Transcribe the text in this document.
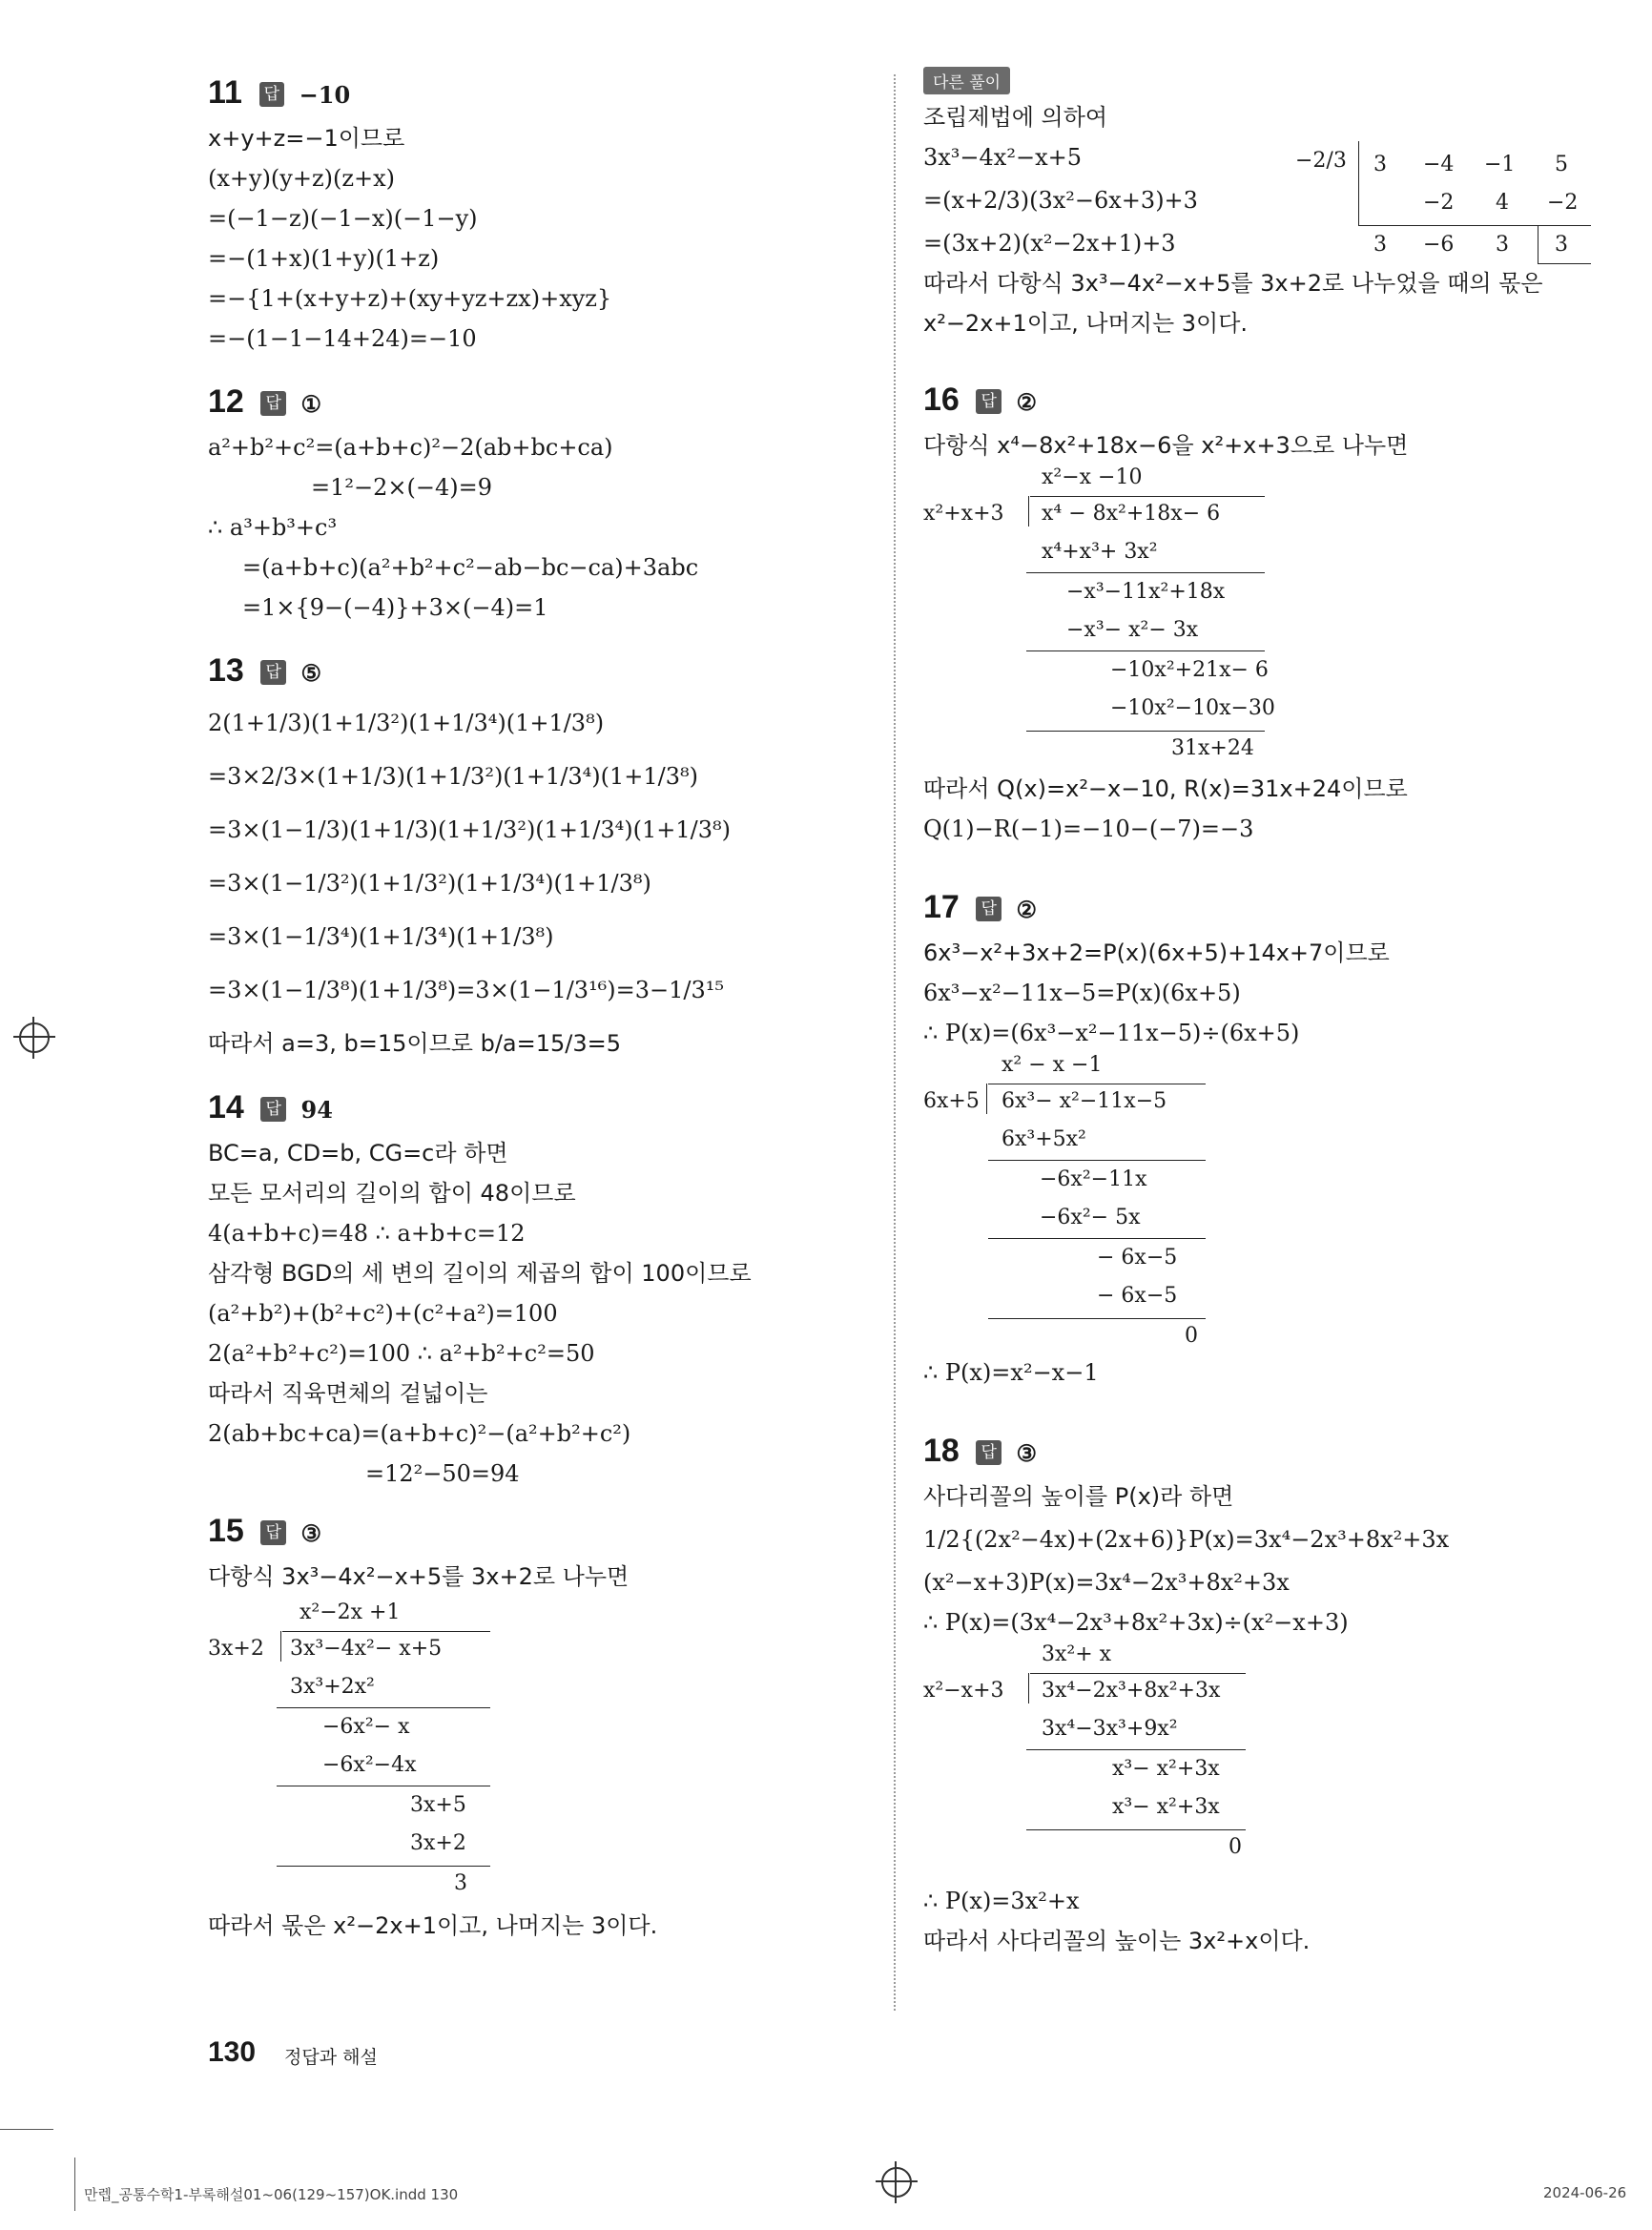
11 답 −10
x+y+z=−1이므로
(x+y)(y+z)(z+x)
=(−1−z)(−1−x)(−1−y)
=−(1+x)(1+y)(1+z)
=−{1+(x+y+z)+(xy+yz+zx)+xyz}
=−(1−1−14+24)=−10
12 답 ①
a²+b²+c²=(a+b+c)²−2(ab+bc+ca)
=1²−2×(−4)=9
∴ a³+b³+c³
=(a+b+c)(a²+b²+c²−ab−bc−ca)+3abc
=1×{9−(−4)}+3×(−4)=1
13 답 ⑤
2(1+1/3)(1+1/3²)(1+1/3⁴)(1+1/3⁸)
=3×2/3×(1+1/3)(1+1/3²)(1+1/3⁴)(1+1/3⁸)
=3×(1−1/3)(1+1/3)(1+1/3²)(1+1/3⁴)(1+1/3⁸)
=3×(1−1/3²)(1+1/3²)(1+1/3⁴)(1+1/3⁸)
=3×(1−1/3⁴)(1+1/3⁴)(1+1/3⁸)
=3×(1−1/3⁸)(1+1/3⁸)=3×(1−1/3¹⁶)=3−1/3¹⁵
따라서 a=3, b=15이므로 b/a=15/3=5
14 답 94
BC=a, CD=b, CG=c라 하면
모든 모서리의 길이의 합이 48이므로
4(a+b+c)=48 ∴ a+b+c=12
삼각형 BGD의 세 변의 길이의 제곱의 합이 100이므로
(a²+b²)+(b²+c²)+(c²+a²)=100
2(a²+b²+c²)=100 ∴ a²+b²+c²=50
따라서 직육면체의 겉넓이는
2(ab+bc+ca)=(a+b+c)²−(a²+b²+c²)
=12²−50=94
15 답 ③
다항식 3x³−4x²−x+5를 3x+2로 나누면
x²−2x +1
3x+2 3x³−4x²− x+5
3x³+2x²
−6x²− x
−6x²−4x
3x+5
3x+2
3
따라서 몫은 x²−2x+1이고, 나머지는 3이다.
다른 풀이
−2/3 3 −4 −1 5
−2 4 −2
3 −6 3 3
조립제법에 의하여
3x³−4x²−x+5
=(x+2/3)(3x²−6x+3)+3
=(3x+2)(x²−2x+1)+3
따라서 다항식 3x³−4x²−x+5를 3x+2로 나누었을 때의 몫은
x²−2x+1이고, 나머지는 3이다.
16 답 ②
다항식 x⁴−8x²+18x−6을 x²+x+3으로 나누면
x²−x −10
x²+x+3 x⁴ − 8x²+18x− 6
x⁴+x³+ 3x²
−x³−11x²+18x
−x³− x²− 3x
−10x²+21x− 6
−10x²−10x−30
31x+24
따라서 Q(x)=x²−x−10, R(x)=31x+24이므로
Q(1)−R(−1)=−10−(−7)=−3
17 답 ②
6x³−x²+3x+2=P(x)(6x+5)+14x+7이므로
6x³−x²−11x−5=P(x)(6x+5)
∴ P(x)=(6x³−x²−11x−5)÷(6x+5)
x² − x −1
6x+5 6x³− x²−11x−5
6x³+5x²
−6x²−11x
−6x²− 5x
− 6x−5
− 6x−5
0
∴ P(x)=x²−x−1
18 답 ③
사다리꼴의 높이를 P(x)라 하면
1/2{(2x²−4x)+(2x+6)}P(x)=3x⁴−2x³+8x²+3x
(x²−x+3)P(x)=3x⁴−2x³+8x²+3x
∴ P(x)=(3x⁴−2x³+8x²+3x)÷(x²−x+3)
3x²+ x
x²−x+3 3x⁴−2x³+8x²+3x
3x⁴−3x³+9x²
x³− x²+3x
x³− x²+3x
0
∴ P(x)=3x²+x
따라서 사다리꼴의 높이는 3x²+x이다.
130 정답과 해설
만렙_공통수학1-부록해설01~06(129~157)OK.indd 130	2024-06-26
